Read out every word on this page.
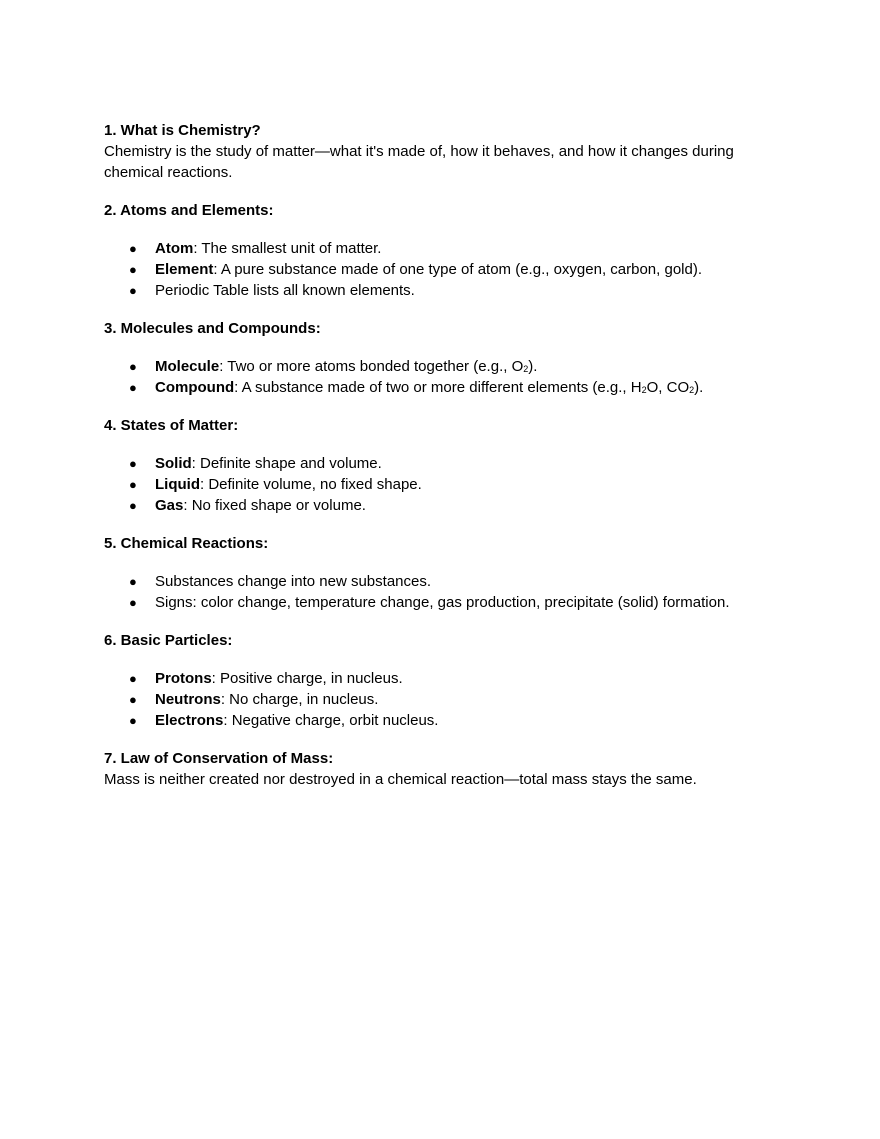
1. What is Chemistry?

Chemistry is the study of matter—what it's made of, how it behaves, and how it changes during chemical reactions.

2. Atoms and Elements:

● Atom: The smallest unit of matter.
● Element: A pure substance made of one type of atom (e.g., oxygen, carbon, gold).
● Periodic Table lists all known elements.

3. Molecules and Compounds:

● Molecule: Two or more atoms bonded together (e.g., $O_2$).
● Compound: A substance made of two or more different elements (e.g., $H_2O$, $CO_2$).

4. States of Matter:

● Solid: Definite shape and volume.
● Liquid: Definite volume, no fixed shape.
● Gas: No fixed shape or volume.

5. Chemical Reactions:

● Substances change into new substances.
● Signs: color change, temperature change, gas production, precipitate (solid) formation.

6. Basic Particles:

● Protons: Positive charge, in nucleus.
● Neutrons: No charge, in nucleus.
● Electrons: Negative charge, orbit nucleus.

7. Law of Conservation of Mass:

Mass is neither created nor destroyed in a chemical reaction—total mass stays the same.
